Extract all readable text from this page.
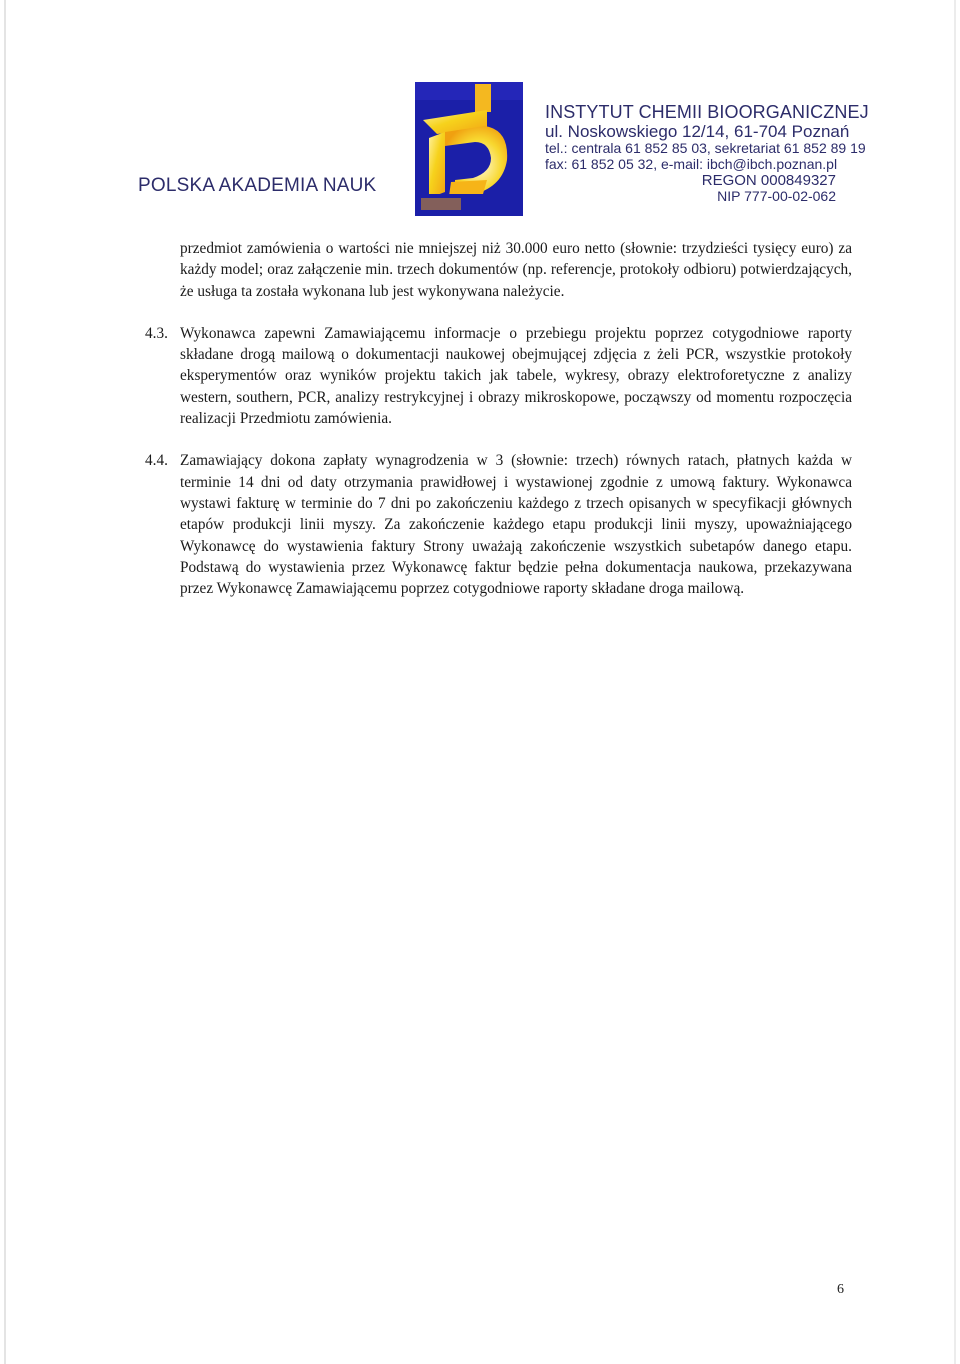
POLSKA AKADEMIA NAUK
INSTYTUT CHEMII BIOORGANICZNEJ
ul. Noskowskiego 12/14, 61-704 Poznań
tel.: centrala 61 852 85 03, sekretariat 61 852 89 19
fax: 61 852 05 32, e-mail: ibch@ibch.poznan.pl
REGON 000849327
NIP 777-00-02-062

przedmiot zamówienia o wartości nie mniejszej niż 30.000 euro netto (słownie: trzydzieści tysięcy euro) za każdy model; oraz załączenie min. trzech dokumentów (np. referencje, protokoły odbioru) potwierdzających, że usługa ta została wykonana lub jest wykonywana należycie.

4.3. Wykonawca zapewni Zamawiającemu informacje o przebiegu projektu poprzez cotygodniowe raporty składane drogą mailową o dokumentacji naukowej obejmującej zdjęcia z żeli PCR, wszystkie protokoły eksperymentów oraz wyników projektu takich jak tabele, wykresy, obrazy elektroforetyczne z analizy western, southern, PCR, analizy restrykcyjnej i obrazy mikroskopowe, począwszy od momentu rozpoczęcia realizacji Przedmiotu zamówienia.

4.4. Zamawiający dokona zapłaty wynagrodzenia w 3 (słownie: trzech) równych ratach, płatnych każda w terminie 14 dni od daty otrzymania prawidłowej i wystawionej zgodnie z umową faktury. Wykonawca wystawi fakturę w terminie do 7 dni po zakończeniu każdego z trzech opisanych w specyfikacji głównych etapów produkcji linii myszy. Za zakończenie każdego etapu produkcji linii myszy, upoważniającego Wykonawcę do wystawienia faktury Strony uważają zakończenie wszystkich subetapów danego etapu. Podstawą do wystawienia przez Wykonawcę faktur będzie pełna dokumentacja naukowa, przekazywana przez Wykonawcę Zamawiającemu poprzez cotygodniowe raporty składane droga mailową.

6
